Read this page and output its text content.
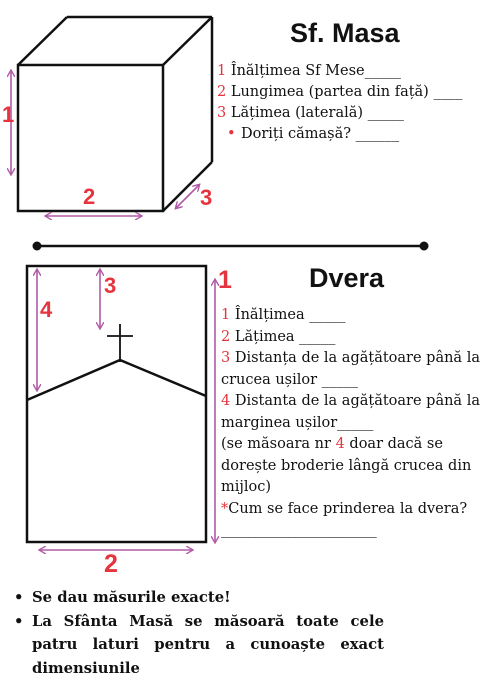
1
2	3
Sf. Masa
1 Înălțimea Sf Mese_____
2 Lungimea (partea din față) ____
3 Lățimea (laterală) _____
• Doriți cămașă? ______
1
2
3
4
Dvera

1 Înălțimea _____

2 Lățimea _____

3 Distanța de la agățătoare până la crucea ușilor _____

4 Distanta de la agățătoare până la marginea ușilor_____

(se măsoara nr 4 doar dacă se dorește broderie lângă crucea din mijloc)

*Cum se face prinderea la dvera?

_______________________

• Se dau măsurile exacte!
• La Sfânta Masă se măsoară toate cele patru laturi pentru a cunoaște exact dimensiunile
